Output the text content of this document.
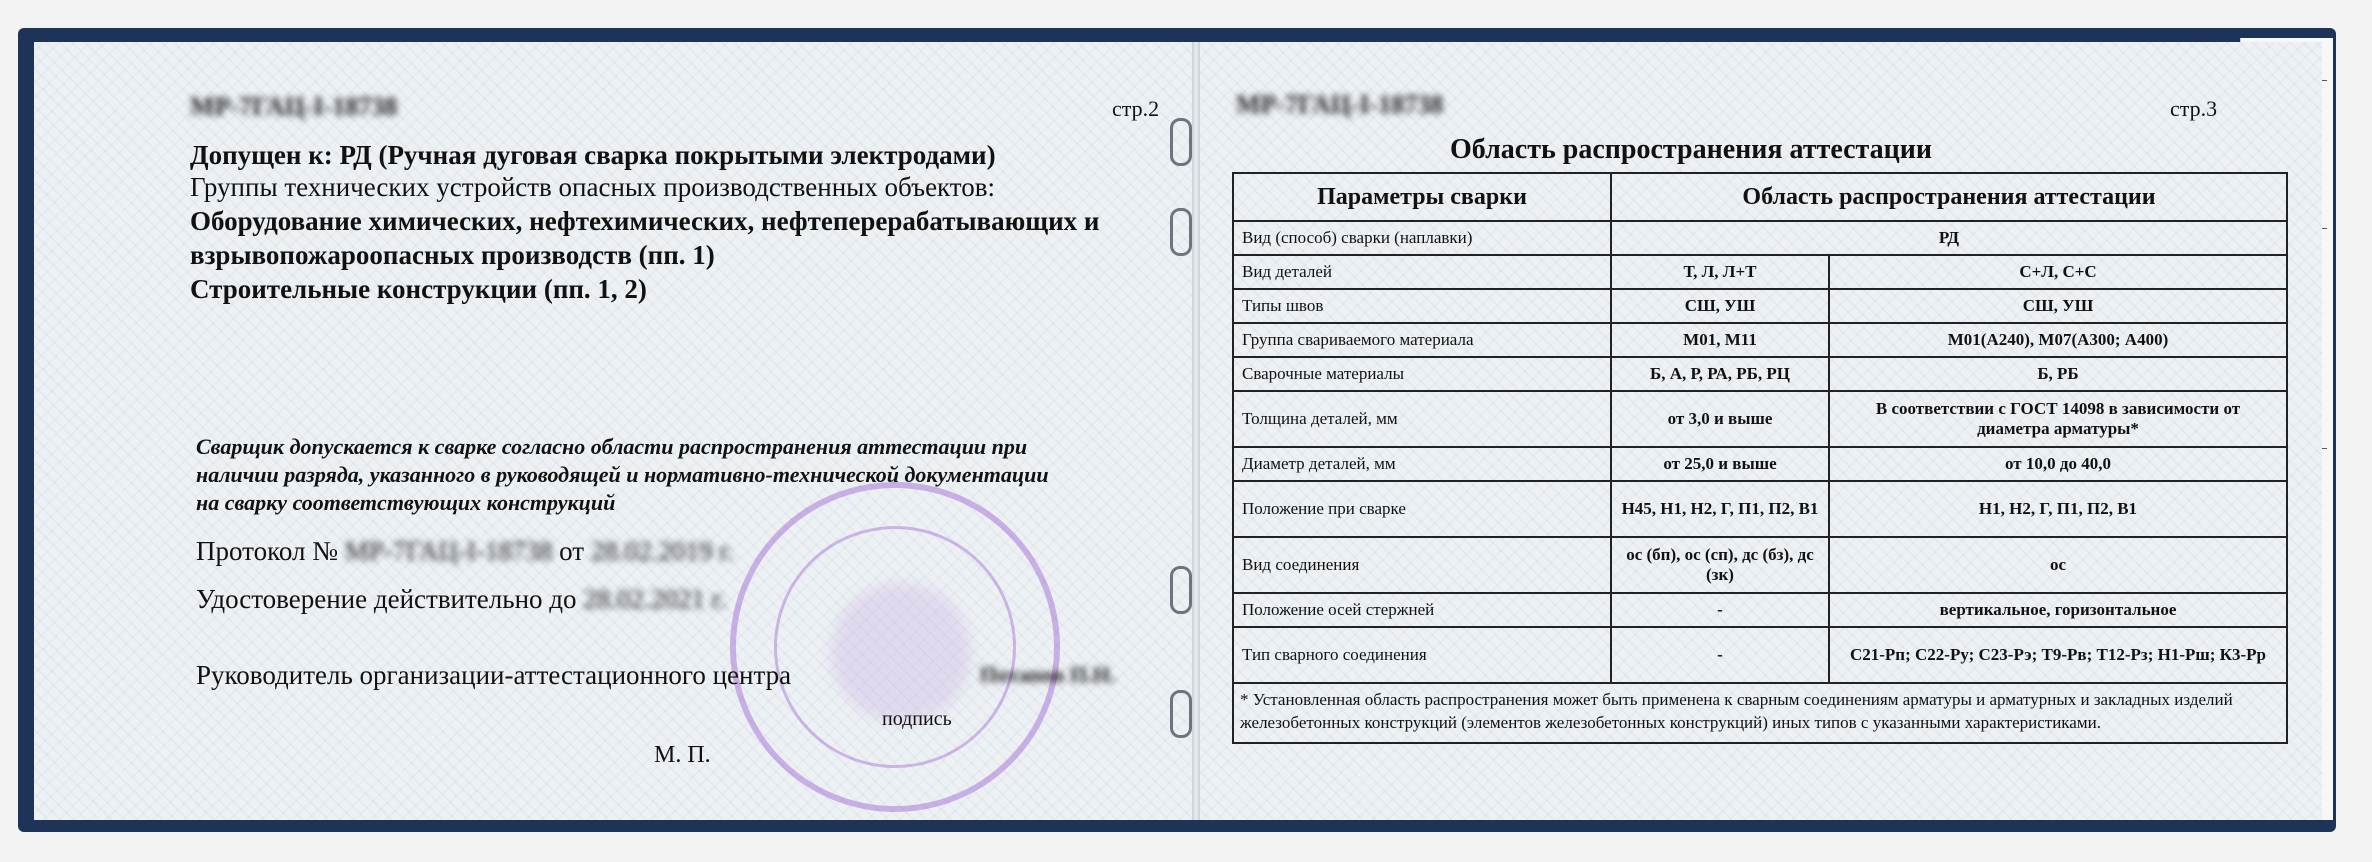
МР-7ГАЦ-I-18738	стр.2
Допущен к: РД (Ручная дуговая сварка покрытыми электродами)
Группы технических устройств опасных производственных объектов:
Оборудование химических, нефтехимических, нефтеперерабатывающих и
взрывопожароопасных производств (пп. 1)
Строительные конструкции (пп. 1, 2)
Сварщик допускается к сварке согласно области распространения аттестации при
наличии разряда, указанного в руководящей и нормативно-технической документации
на сварку соответствующих конструкций
Протокол № МР-7ГАЦ-I-18738 от 28.02.2019 г.
Удостоверение действительно до 28.02.2021 г.
Руководитель организации-аттестационного центра	Потапов П.Н.
подпись
М. П.
МР-7ГАЦ-I-18738	стр.3
Область распространения аттестации
Параметры сварки	Область распространения аттестации	
Вид (способ) сварки (наплавки)	РД	
Вид деталей	Т, Л, Л+Т	С+Л, С+С
Типы швов	СШ, УШ	СШ, УШ
Группа свариваемого материала	М01, М11	М01(А240), М07(А300; А400)
Сварочные материалы	Б, А, Р, РА, РБ, РЦ	Б, РБ
Толщина деталей, мм	от 3,0 и выше	В соответствии с ГОСТ 14098 в зависимости от диаметра арматуры*
Диаметр деталей, мм	от 25,0 и выше	от 10,0 до 40,0
Положение при сварке	Н45, Н1, Н2, Г, П1, П2, В1	Н1, Н2, Г, П1, П2, В1
Вид соединения	ос (бп), ос (сп), дс (бз), дс (зк)	ос
Положение осей стержней	-	вертикальное, горизонтальное
Тип сварного соединения	-	С21-Рп; С22-Ру; С23-Рэ; Т9-Рв; Т12-Рз; Н1-Рш; К3-Рр
* Установленная область распространения может быть применена к сварным соединениям арматуры и арматурных и закладных изделий железобетонных конструкций (элементов железобетонных конструкций) иных типов с указанными характеристиками.		
